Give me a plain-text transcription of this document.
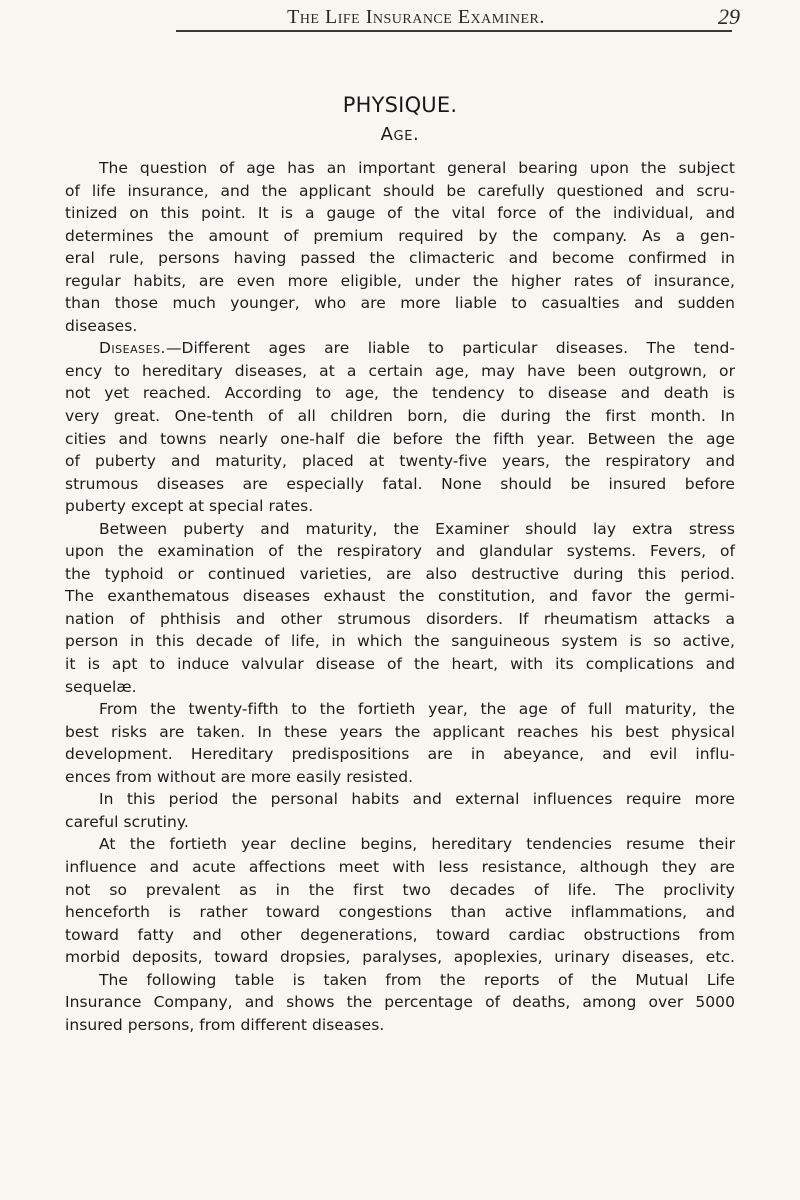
The Life Insurance Examiner.	29
PHYSIQUE.
Age.
The question of age has an important general bearing upon the subject
of life insurance, and the applicant should be carefully questioned and scru-
tinized on this point. It is a gauge of the vital force of the individual, and
determines the amount of premium required by the company. As a gen-
eral rule, persons having passed the climacteric and become confirmed in
regular habits, are even more eligible, under the higher rates of insurance,
than those much younger, who are more liable to casualties and sudden
diseases.
Diseases.—Different ages are liable to particular diseases. The tend-
ency to hereditary diseases, at a certain age, may have been outgrown, or
not yet reached. According to age, the tendency to disease and death is
very great. One-tenth of all children born, die during the first month. In
cities and towns nearly one-half die before the fifth year. Between the age
of puberty and maturity, placed at twenty-five years, the respiratory and
strumous diseases are especially fatal. None should be insured before
puberty except at special rates.
Between puberty and maturity, the Examiner should lay extra stress
upon the examination of the respiratory and glandular systems. Fevers, of
the typhoid or continued varieties, are also destructive during this period.
The exanthematous diseases exhaust the constitution, and favor the germi-
nation of phthisis and other strumous disorders. If rheumatism attacks a
person in this decade of life, in which the sanguineous system is so active,
it is apt to induce valvular disease of the heart, with its complications and
sequelæ.
From the twenty-fifth to the fortieth year, the age of full maturity, the
best risks are taken. In these years the applicant reaches his best physical
development. Hereditary predispositions are in abeyance, and evil influ-
ences from without are more easily resisted.
In this period the personal habits and external influences require more
careful scrutiny.
At the fortieth year decline begins, hereditary tendencies resume their
influence and acute affections meet with less resistance, although they are
not so prevalent as in the first two decades of life. The proclivity
henceforth is rather toward congestions than active inflammations, and
toward fatty and other degenerations, toward cardiac obstructions from
morbid deposits, toward dropsies, paralyses, apoplexies, urinary diseases, etc.
The following table is taken from the reports of the Mutual Life
Insurance Company, and shows the percentage of deaths, among over 5000
insured persons, from different diseases.
